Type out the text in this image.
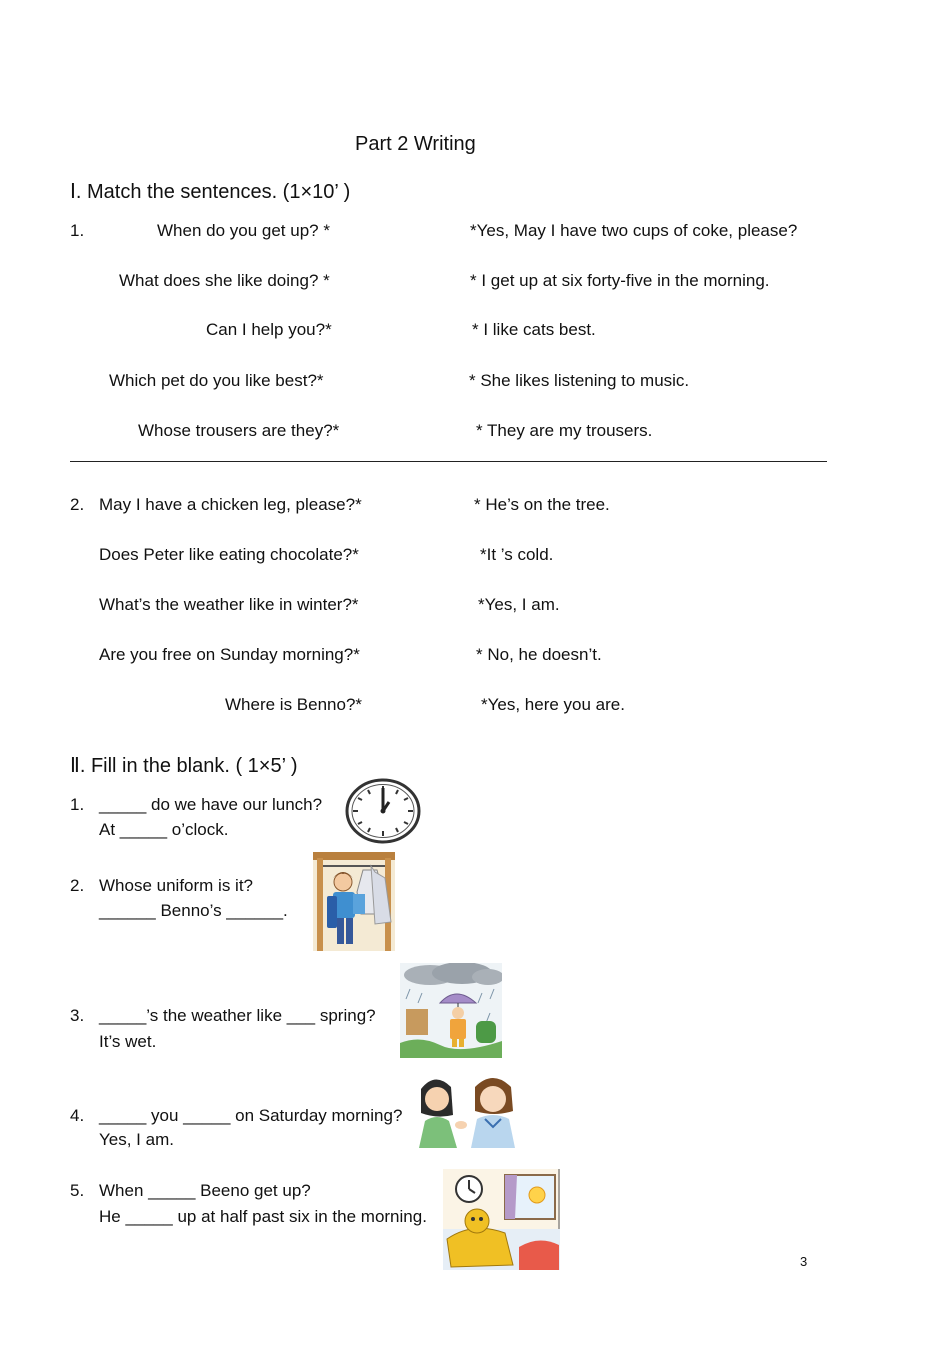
Part 2 Writing
Ⅰ. Match the sentences. (1×10’ )
1.	When do you get up? *
What does she like doing? *
Can I help you?*
Which pet do you like best?*
Whose trousers are they?*
*Yes, May I have two cups of coke, please?
* I get up at six forty-five in the morning.
* I like cats best.
* She likes listening to music.
* They are my trousers.
2. May I have a chicken leg, please?*
Does Peter like eating chocolate?*
What’s the weather like in winter?*
Are you free on Sunday morning?*
Where is Benno?*
* He’s on the tree.
*It ’s cold.
*Yes, I am.
* No, he doesn’t.
*Yes, here you are.
Ⅱ. Fill in the blank. ( 1×5’ )
1. _____ do we have our lunch?
At _____ o’clock.
2. Whose uniform is it?
______ Benno’s ______.
3. _____’s the weather like ___ spring?
It’s wet.
4. _____ you _____ on Saturday morning?
Yes, I am.
5. When _____ Beeno get up?
He _____ up at half past six in the morning.
3
